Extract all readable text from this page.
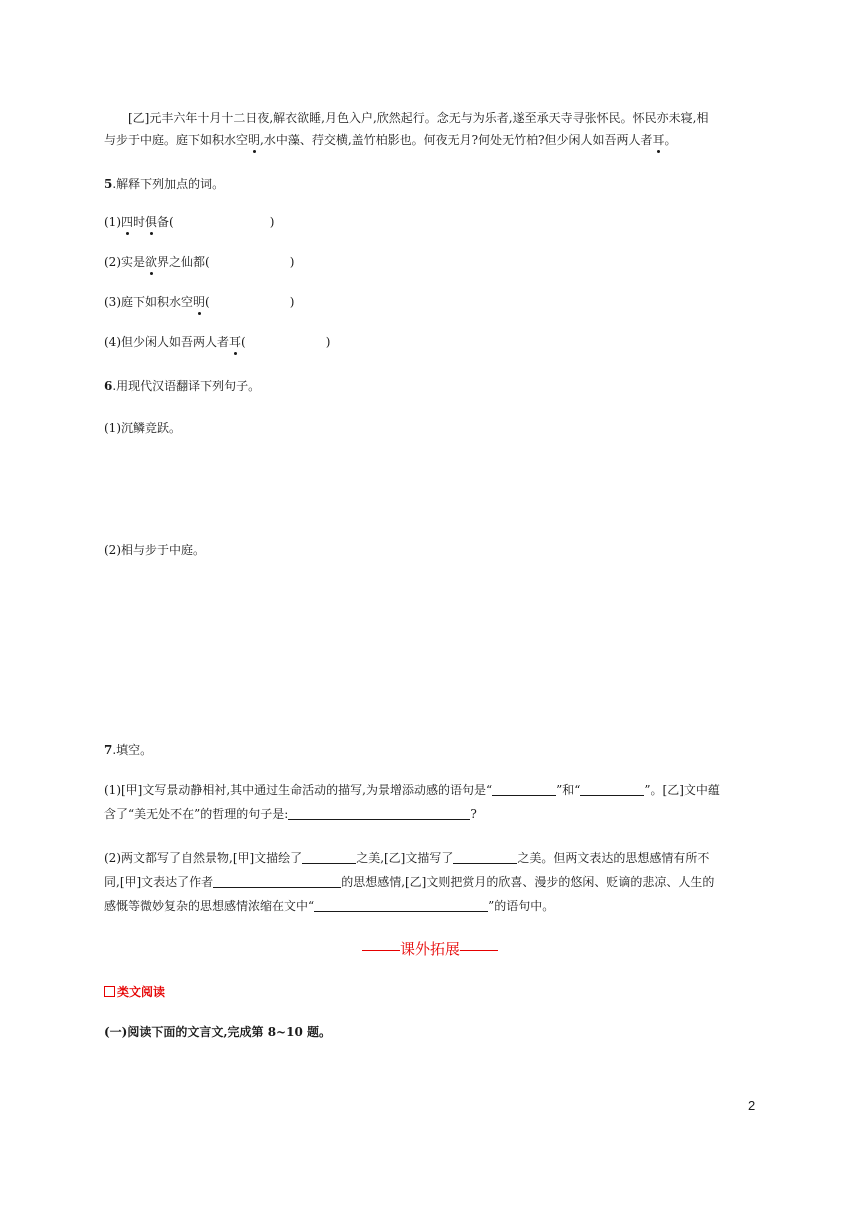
[乙]元丰六年十月十二日夜,解衣欲睡,月色入户,欣然起行。念无与为乐者,遂至承天寺寻张怀民。怀民亦未寝,相
与步于中庭。庭下如积水空明,水中藻、荇交横,盖竹柏影也。何夜无月?何处无竹柏?但少闲人如吾两人者耳。
5.解释下列加点的词。
(1)四时俱备(	)
(2)实是欲界之仙都(	)
(3)庭下如积水空明(	)
(4)但少闲人如吾两人者耳(	)
6.用现代汉语翻译下列句子。
(1)沉鳞竞跃。
(2)相与步于中庭。
7.填空。
(1)[甲]文写景动静相衬,其中通过生命活动的描写,为景增添动感的语句是“	”和“	”。[乙]文中蕴
含了“美无处不在”的哲理的句子是:	?
(2)两文都写了自然景物,[甲]文描绘了	之美,[乙]文描写了	之美。但两文表达的思想感情有所不
同,[甲]文表达了作者	的思想感情,[乙]文则把赏月的欣喜、漫步的悠闲、贬谪的悲凉、人生的
感慨等微妙复杂的思想感情浓缩在文中“	”的语句中。
课外拓展
类文阅读
(一)阅读下面的文言文,完成第 8~10 题。
2
